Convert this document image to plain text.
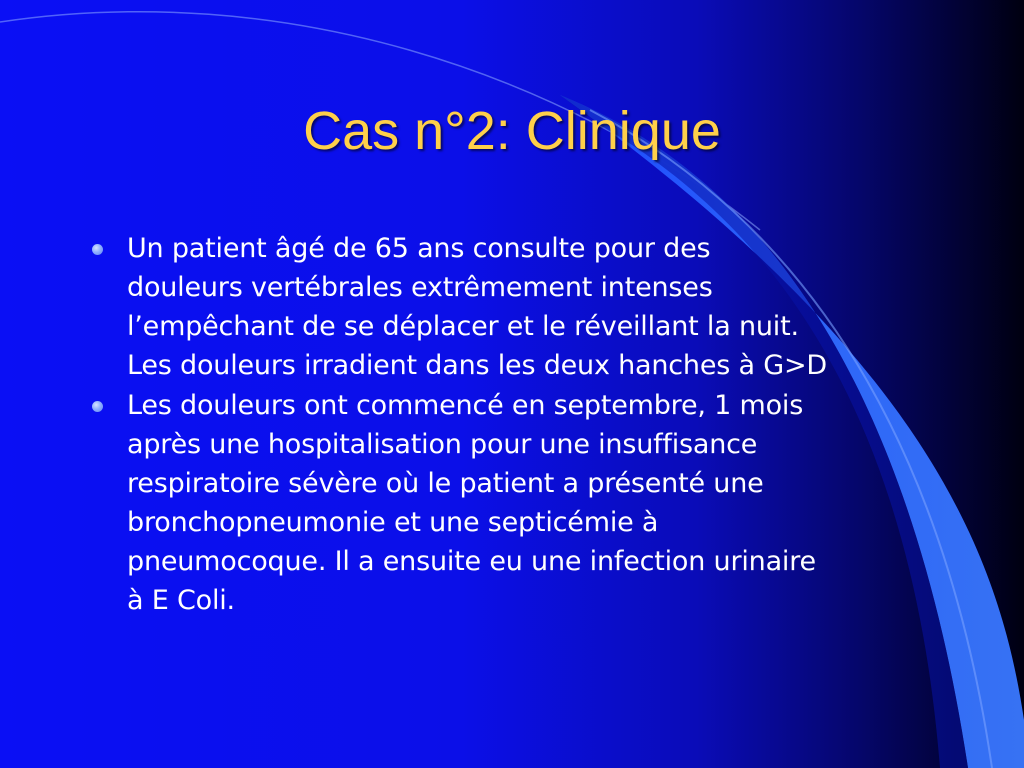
Cas n°2: Clinique
Un patient âgé de 65 ans consulte pour des
douleurs vertébrales extrêmement intenses
l’empêchant de se déplacer et le réveillant la nuit.
Les douleurs irradient dans les deux hanches à G>D
Les douleurs ont commencé en septembre, 1 mois
après une hospitalisation pour une insuffisance
respiratoire sévère où le patient a présenté une
bronchopneumonie et une septicémie à
pneumocoque. Il a ensuite eu une infection urinaire
à E Coli.
